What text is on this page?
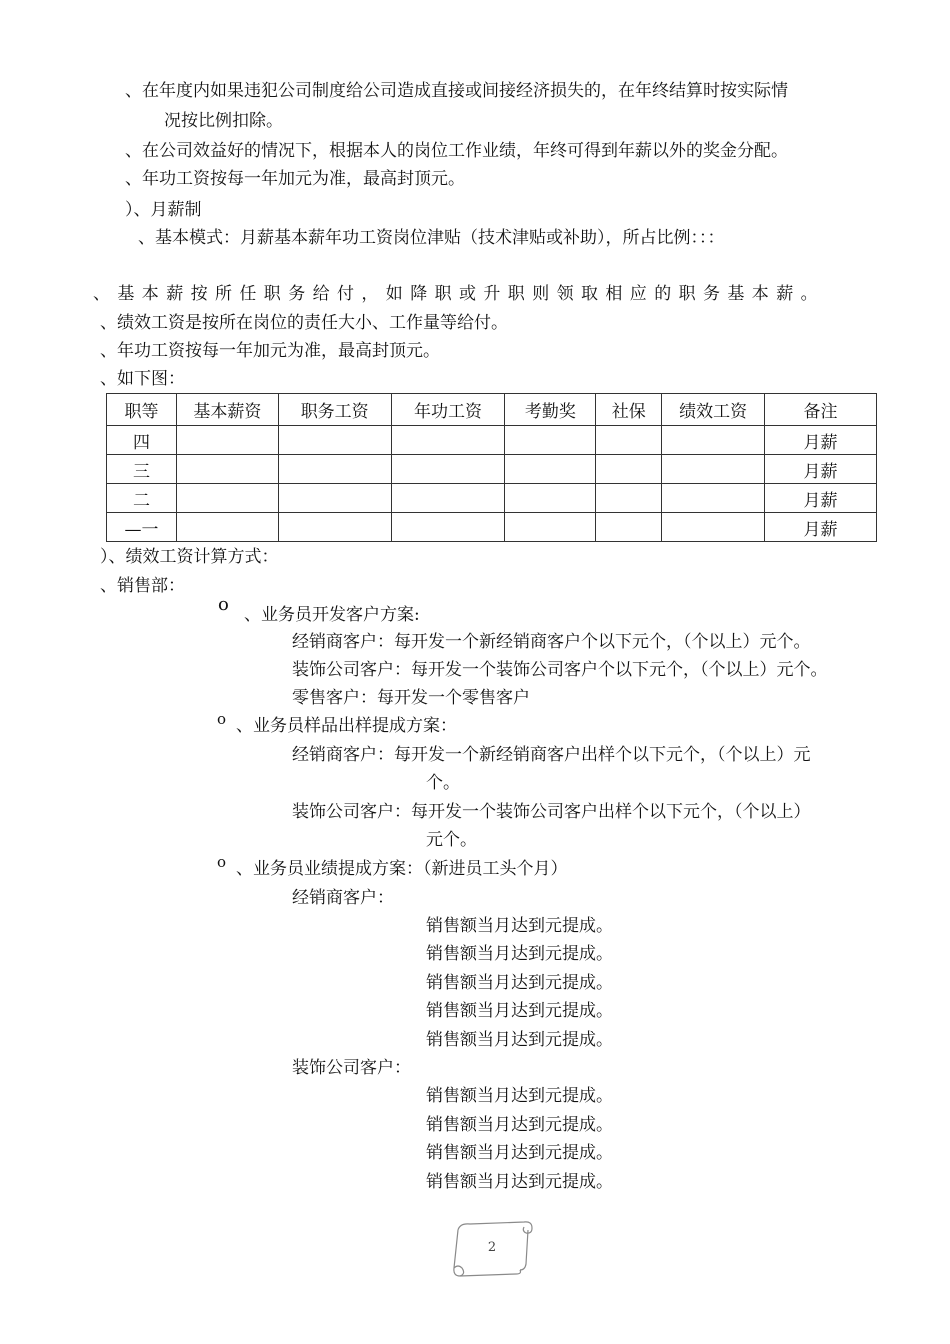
、在年度内如果违犯公司制度给公司造成直接或间接经济损失的，在年终结算时按实际情
况按比例扣除。
、在公司效益好的情况下，根据本人的岗位工作业绩，年终可得到年薪以外的奖金分配。
、年功工资按每一年加元为准，最高封顶元。
）、月薪制
、基本模式：月薪基本薪年功工资岗位津贴（技术津贴或补助），所占比例：：：
、基本薪按所任职务给付，如降职或升职则领取相应的职务基本薪。
、绩效工资是按所在岗位的责任大小、工作量等给付。
、年功工资按每一年加元为准，最高封顶元。
、如下图：
职等	基本薪资	职务工资	年功工资	考勤奖	社保	绩效工资	备注
四							月薪
三							月薪
二							月薪
—一							月薪
）、绩效工资计算方式：
、销售部：
o 、业务员开发客户方案:
经销商客户：每开发一个新经销商客户个以下元个，（个以上）元个。
装饰公司客户：每开发一个装饰公司客户个以下元个，（个以上）元个。
零售客户：每开发一个零售客户
o 、业务员样品出样提成方案：
经销商客户：每开发一个新经销商客户出样个以下元个，（个以上）元
个。
装饰公司客户：每开发一个装饰公司客户出样个以下元个，（个以上）
元个。
o 、业务员业绩提成方案：（新进员工头个月）
经销商客户：
销售额当月达到元提成。
销售额当月达到元提成。
销售额当月达到元提成。
销售额当月达到元提成。
销售额当月达到元提成。
装饰公司客户：
销售额当月达到元提成。
销售额当月达到元提成。
销售额当月达到元提成。
销售额当月达到元提成。
2
